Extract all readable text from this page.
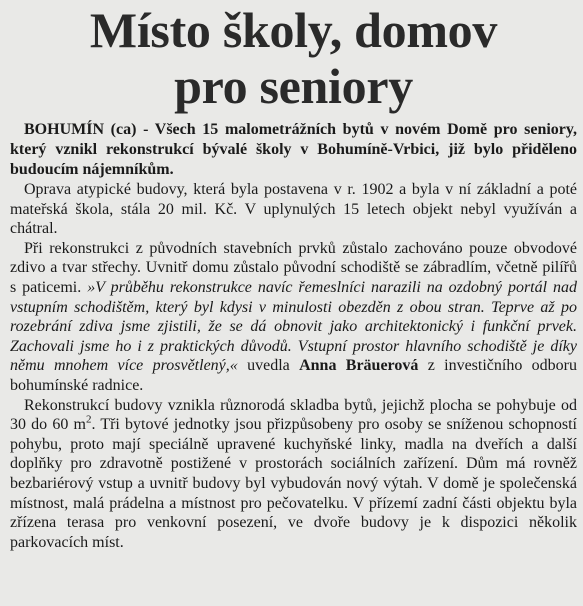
Místo školy, domov
pro seniory

BOHUMÍN (ca) - Všech 15 malometrážních bytů v novém Domě pro seniory, který vznikl rekonstrukcí bývalé školy v Bohumíně-Vrbici, již bylo přiděleno budoucím nájemníkům.

Oprava atypické budovy, která byla postavena v r. 1902 a byla v ní základní a poté mateřská škola, stála 20 mil. Kč. V uplynulých 15 letech objekt nebyl využíván a chátral.

Při rekonstrukci z původních stavebních prvků zůstalo zachováno pouze obvodové zdivo a tvar střechy. Uvnitř domu zůstalo původní schodiště se zábradlím, včetně pilířů s paticemi. »V průběhu rekonstrukce navíc řemeslníci narazili na ozdobný portál nad vstupním schodištěm, který byl kdysi v minulosti obezděn z obou stran. Teprve až po rozebrání zdiva jsme zjistili, že se dá obnovit jako architektonický i funkční prvek. Zachovali jsme ho i z praktických důvodů. Vstupní prostor hlavního schodiště je díky němu mnohem více prosvětlený,« uvedla Anna Bräuerová z investičního odboru bohumínské radnice.

Rekonstrukcí budovy vznikla různorodá skladba bytů, jejichž plocha se pohybuje od 30 do 60 $m^2$. Tři bytové jednotky jsou přizpůsobeny pro osoby se sníženou schopností pohybu, proto mají speciálně upravené kuchyňské linky, madla na dveřích a další doplňky pro zdravotně postižené v prostorách sociálních zařízení. Dům má rovněž bezbariérový vstup a uvnitř budovy byl vybudován nový výtah. V domě je společenská místnost, malá prádelna a místnost pro pečovatelku. V přízemí zadní části objektu byla zřízena terasa pro venkovní posezení, ve dvoře budovy je k dispozici několik parkovacích míst.
